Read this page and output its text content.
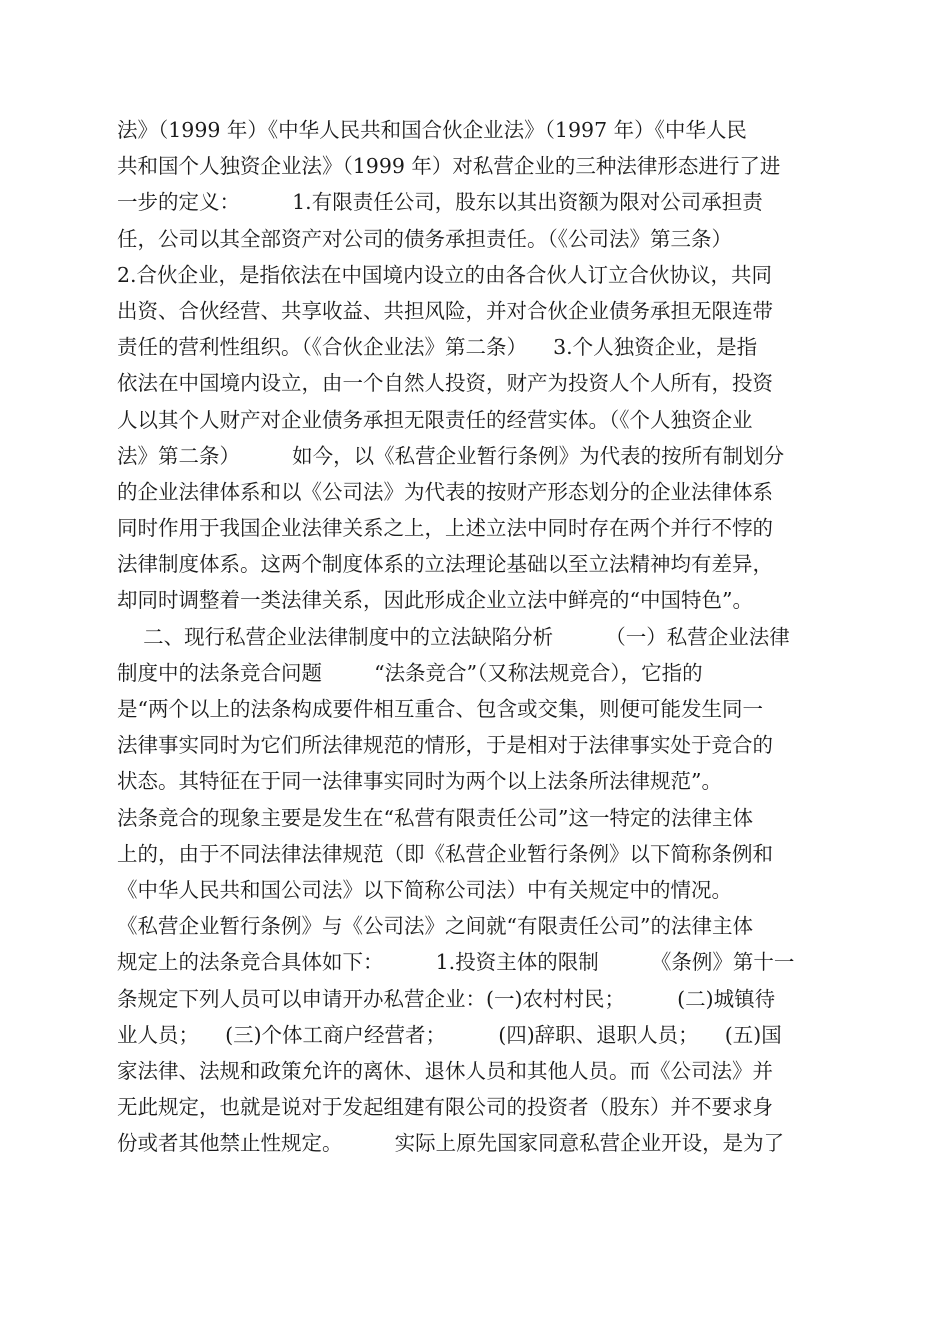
法》（1999 年）《中华人民共和国合伙企业法》（1997 年）《中华人民
共和国个人独资企业法》（1999 年）对私营企业的三种法律形态进行了进
一步的定义：        1.有限责任公司，股东以其出资额为限对公司承担责
任，公司以其全部资产对公司的债务承担责任。（《公司法》第三条）
2.合伙企业，是指依法在中国境内设立的由各合伙人订立合伙协议，共同
出资、合伙经营、共享收益、共担风险，并对合伙企业债务承担无限连带
责任的营利性组织。（《合伙企业法》第二条）    3.个人独资企业，是指
依法在中国境内设立，由一个自然人投资，财产为投资人个人所有，投资
人以其个人财产对企业债务承担无限责任的经营实体。（《个人独资企业
法》第二条）        如今，以《私营企业暂行条例》为代表的按所有制划分
的企业法律体系和以《公司法》为代表的按财产形态划分的企业法律体系
同时作用于我国企业法律关系之上，上述立法中同时存在两个并行不悖的
法律制度体系。这两个制度体系的立法理论基础以至立法精神均有差异，
却同时调整着一类法律关系，因此形成企业立法中鲜亮的“中国特色”。
二、现行私营企业法律制度中的立法缺陷分析        （一）私营企业法律
制度中的法条竞合问题        “法条竞合”（又称法规竞合），它指的
是“两个以上的法条构成要件相互重合、包含或交集，则便可能发生同一
法律事实同时为它们所法律规范的情形，于是相对于法律事实处于竞合的
状态。其特征在于同一法律事实同时为两个以上法条所法律规范”。
法条竞合的现象主要是发生在“私营有限责任公司”这一特定的法律主体
上的，由于不同法律法律规范（即《私营企业暂行条例》以下简称条例和
《中华人民共和国公司法》以下简称公司法）中有关规定中的情况。
《私营企业暂行条例》与《公司法》之间就“有限责任公司”的法律主体
规定上的法条竞合具体如下：        1.投资主体的限制        《条例》第十一
条规定下列人员可以申请开办私营企业：(一)农村村民；        (二)城镇待
业人员；    (三)个体工商户经营者；        (四)辞职、退职人员；    (五)国
家法律、法规和政策允许的离休、退休人员和其他人员。而《公司法》并
无此规定，也就是说对于发起组建有限公司的投资者（股东）并不要求身
份或者其他禁止性规定。        实际上原先国家同意私营企业开设，是为了
